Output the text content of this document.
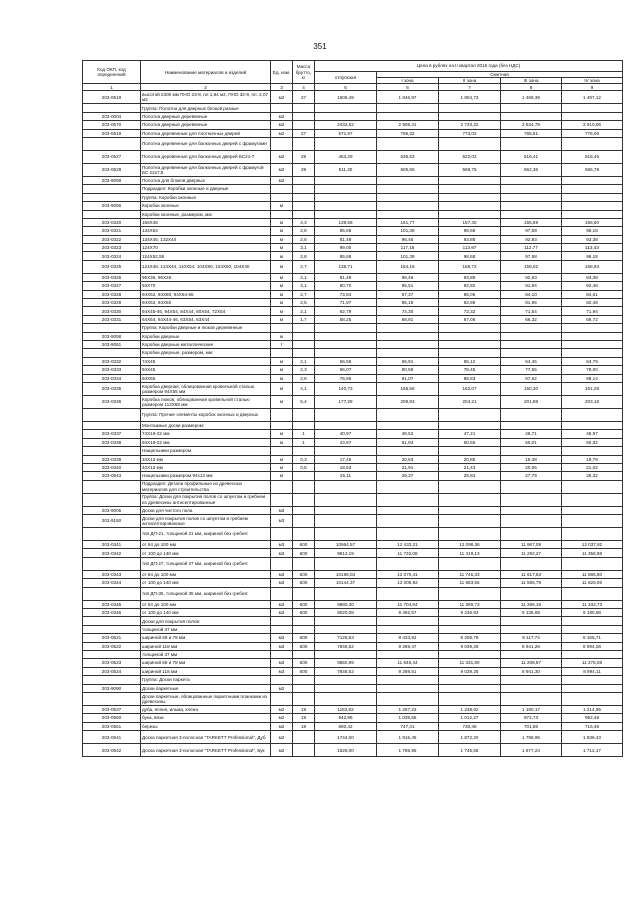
351
Код ОКП, код определений	Наименование материалов и изделий	Ед. изм.	Масса брутто, кг	Цена в рублях на II квартал 2016 года (без НДС)				
				отпускная	Сметная			
					I зона	II зона	III зона	IV зона
1	2	3	4	5	6	7	8	9
203-0519	высотой 2300 мм ПНО 23-8, пл 1,84 м2, ПНО 32-9, пл. 2,07 м2	м2	27	1506,49	1 846,97	1 804,73	1 468,39	1 497,12
	Группа: Полотна для дверных блоков разные							
203-0004	Полотна дверные деревянные	м2						
203-0570	Полотна дверные деревянные	м2		2432,62	2 908,41	2 733,22	2 534,79	2 610,06
203-0519	Полотна деревянные для плотничных дверей	м2	27	671,97	795,32	773,02	765,51	776,06
	Полотна деревянные для балконных дверей с фрамугами							
203-0527	Полотна деревянные для балконных дверей БС21-7	м2	29	463,29	536,53	522,02	516,41	518,45
203-0528	Полотна деревянные для балконных дверей с фрамугой БС 22х7,5	м2	29	511,30	605,65	568,75	562,36	565,79
203-9059	Полотна для блоков дверных	м2						
	Подраздел: Коробки оконные и дверные							
	Группа: Коробки оконные							
203-9056	Коробки оконные	м						
	Коробки оконные, размером, мм:							
203-0320	166Х45	м	4,3	139,68	161,77	157,40	155,59	156,60
203-0321	134Х54	м	2,8	85,68	101,39	98,68	97,59	98,18
203-0322	134Х45, 132Х44	м	2,6	81,49	96,46	93,88	92,83	93,38
203-0323	124Х70	м	3,1	99,00	117,16	113,97	112,77	113,43
203-0324	124Х52,55	м	2,8	85,68	101,39	98,68	97,58	98,18
203-0325	124Х48, 124Х44, 110Х54, 104Х80, 104Х50, 104Х40	м	2,7	138,71	164,16	159,72	158,02	158,93
203-0326	96Х36, 96Х26	м	2,1	81,49	96,46	93,88	92,83	93,38
203-0327	94Х70	м	3,1	80,70	95,51	92,92	91,94	92,48
203-0328	94Х52, 94Х80, 94Х54-55	м	2,7	73,84	87,37	85,05	84,10	84,61
203-0329	94Х52, 94Х50	м	2,5	71,97	85,18	82,89	81,96	82,48
203-0330	94Х45-46, 94Х54, 84Х44, 80Х54, 72Х54	м	2,1	62,79	74,30	72,32	71,54	71,94
203-0331	64Х54, 64Х44-46, 63Х54, 63Х44	м	1,7	58,25	68,91	67,06	66,32	66,72
	Группа: Коробки дверные и люков деревянные							
203-9058	Коробки дверные	м						
203-9061	Коробки дверные металлические	т						
	Коробки дверные, размером, мм:							
203-0332	74Х45	м	2,1	56,56	66,91	65,12	64,45	64,79
203-0333	94Х45	м	2,3	66,07	80,59	78,45	77,55	78,00
203-0334	94Х55	м	2,8	76,95	91,07	88,63	87,62	88,14
203-0335	Коробка дверная, облицованная кровельной сталью размером 94Х55 мм	м	4,1	140,73	166,56	162,07	160,30	161,28
203-0336	Коробка люков, облицованная кровельной сталью размером 112Х65 мм	м	5,4	177,28	209,83	204,21	201,98	203,18
	Группа: Прочие элементы коробок оконных и дверных							
	Монтажные доски размером:							
203-0337	74Х19-22 мм	м	1	40,97	48,52	47,21	46,71	46,97
203-0338	94Х19-22 мм	м	1	43,87	51,93	50,55	50,01	50,32
	Нащельники размером							
203-0339	34Х13 мм	м	0,3	17,45	20,63	20,85	19,38	18,79
203-0340	40Х13 мм	м	0,5	18,53	21,91	21,43	20,55	21,02
203-0643	Нащельники размером 94х13 мм	м		25,11	29,37	28,84	27,79	28,32
	Подраздел: Детали профильные из древесных материалов для строительства							
	Группа: Доски для покрытия полов со шпунтом и гребнем из древесины антисептированные							
203-9005	Доски для чистого пола	м3						
203-9150	Доски для покрытия полов со шпунтом и гребнем антисептированные	м3						
	тип ДП-21, толщиной 21 мм, шириной без гребня:							
203-0341	от 64 до 100 мм	м3	600	10964,57	12 433,21	12 098,36	11 967,09	12 037,82
203-0342	от 100 до 140 мм	м3	600	9912,19	11 732,08	11 419,13	11 292,27	11 356,98
	тип ДП-27, толщиной 27 мм, шириной без гребня:							
203-0343	от 64 до 100 мм	м3	600	10198,03	12 070,41	11 745,33	11 617,63	11 686,50
203-0344	от 100 до 140 мм	м3	600	10144,37	12 006,92	11 683,55	11 556,79	11 625,06
	тип ДП-35, толщиной 35 мм, шириной без гребня:							
203-0345	от 64 до 100 мм	м3	600	9880,30	11 704,94	11 389,73	11 266,16	11 332,73
203-0346	от 100 до 140 мм	м3	600	8020,08	9 492,57	9 236,93	9 136,68	9 190,68
	Доски для покрытия полов:							
	толщиной 47 мм							
203-0521	шириной 68 и 78 мм	м3	600	7125,63	8 433,92	8 206,76	8 117,74	8 165,71
203-0522	шириной 118 мм	м3	600	7848,52	9 289,47	9 039,26	8 941,26	8 994,08
	толщиной 37 мм							
203-0523	шириной 68 и 78 мм	м3	600	9550,99	11 645,44	11 331,80	11 208,87	11 275,08
203-0524	шириной 118 мм	м3	600	7848,52	9 289,51	9 039,26	8 941,30	8 994,11
	Группа: Доски паркета							
203-9090	Доски паркетные	м2						
	Доски паркетные, облицованные паркетными планками из древесины							
203-0537	дуба, ясеня, ильма, клена	м2	19	1153,82	1 267,23	1 238,62	1 190,17	1 214,95
203-0550	бука, вяза	м2	19	942,96	1 035,66	1 012,27	972,73	992,48
203-0551	березы	м2	19	680,42	747,31	730,46	701,86	716,48
203-0641	Доска паркетная 3-полосная "TARKETT Professional", Дуб	м2		1744,00	1 915,45	1 872,20	1 798,95	1 836,43
203-0642	Доска паркетная 3-полосная "TARKETT Professional", Бук	м2		1626,00	1 785,95	1 745,66	1 677,24	1 712,17
